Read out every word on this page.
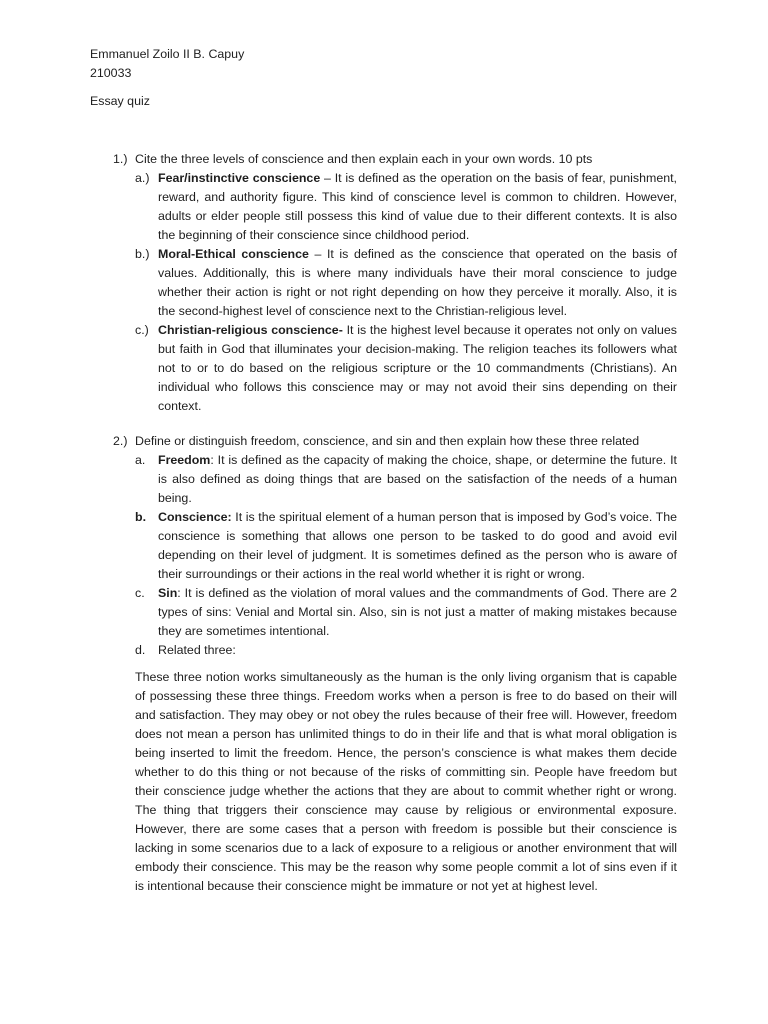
Emmanuel Zoilo II B. Capuy
210033
Essay quiz
1.) Cite the three levels of conscience and then explain each in your own words. 10 pts
a.) Fear/instinctive conscience – It is defined as the operation on the basis of fear, punishment, reward, and authority figure. This kind of conscience level is common to children. However, adults or elder people still possess this kind of value due to their different contexts. It is also the beginning of their conscience since childhood period.
b.) Moral-Ethical conscience – It is defined as the conscience that operated on the basis of values. Additionally, this is where many individuals have their moral conscience to judge whether their action is right or not right depending on how they perceive it morally. Also, it is the second-highest level of conscience next to the Christian-religious level.
c.) Christian-religious conscience- It is the highest level because it operates not only on values but faith in God that illuminates your decision-making. The religion teaches its followers what not to or to do based on the religious scripture or the 10 commandments (Christians). An individual who follows this conscience may or may not avoid their sins depending on their context.
2.) Define or distinguish freedom, conscience, and sin and then explain how these three related
a. Freedom: It is defined as the capacity of making the choice, shape, or determine the future. It is also defined as doing things that are based on the satisfaction of the needs of a human being.
b. Conscience: It is the spiritual element of a human person that is imposed by God’s voice. The conscience is something that allows one person to be tasked to do good and avoid evil depending on their level of judgment. It is sometimes defined as the person who is aware of their surroundings or their actions in the real world whether it is right or wrong.
c. Sin: It is defined as the violation of moral values and the commandments of God. There are 2 types of sins: Venial and Mortal sin. Also, sin is not just a matter of making mistakes because they are sometimes intentional.
d. Related three:
These three notion works simultaneously as the human is the only living organism that is capable of possessing these three things. Freedom works when a person is free to do based on their will and satisfaction. They may obey or not obey the rules because of their free will. However, freedom does not mean a person has unlimited things to do in their life and that is what moral obligation is being inserted to limit the freedom. Hence, the person’s conscience is what makes them decide whether to do this thing or not because of the risks of committing sin. People have freedom but their conscience judge whether the actions that they are about to commit whether right or wrong. The thing that triggers their conscience may cause by religious or environmental exposure. However, there are some cases that a person with freedom is possible but their conscience is lacking in some scenarios due to a lack of exposure to a religious or another environment that will embody their conscience. This may be the reason why some people commit a lot of sins even if it is intentional because their conscience might be immature or not yet at highest level.
